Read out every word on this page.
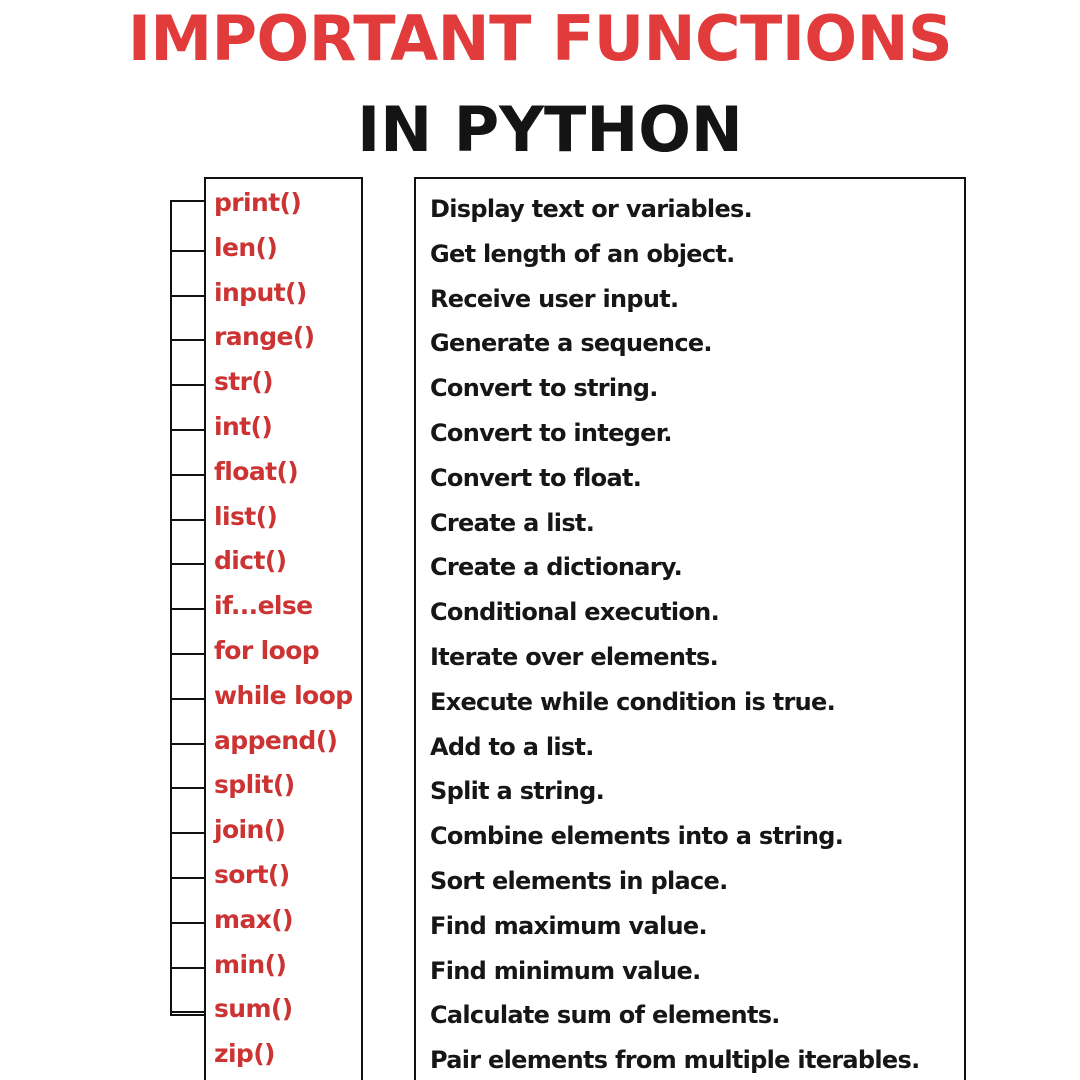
IMPORTANT FUNCTIONS
IN PYTHON
print()
len()
input()
range()
str()
int()
float()
list()
dict()
if...else
for loop
while loop
append()
split()
join()
sort()
max()
min()
sum()
zip()
Display text or variables.
Get length of an object.
Receive user input.
Generate a sequence.
Convert to string.
Convert to integer.
Convert to float.
Create a list.
Create a dictionary.
Conditional execution.
Iterate over elements.
Execute while condition is true.
Add to a list.
Split a string.
Combine elements into a string.
Sort elements in place.
Find maximum value.
Find minimum value.
Calculate sum of elements.
Pair elements from multiple iterables.
